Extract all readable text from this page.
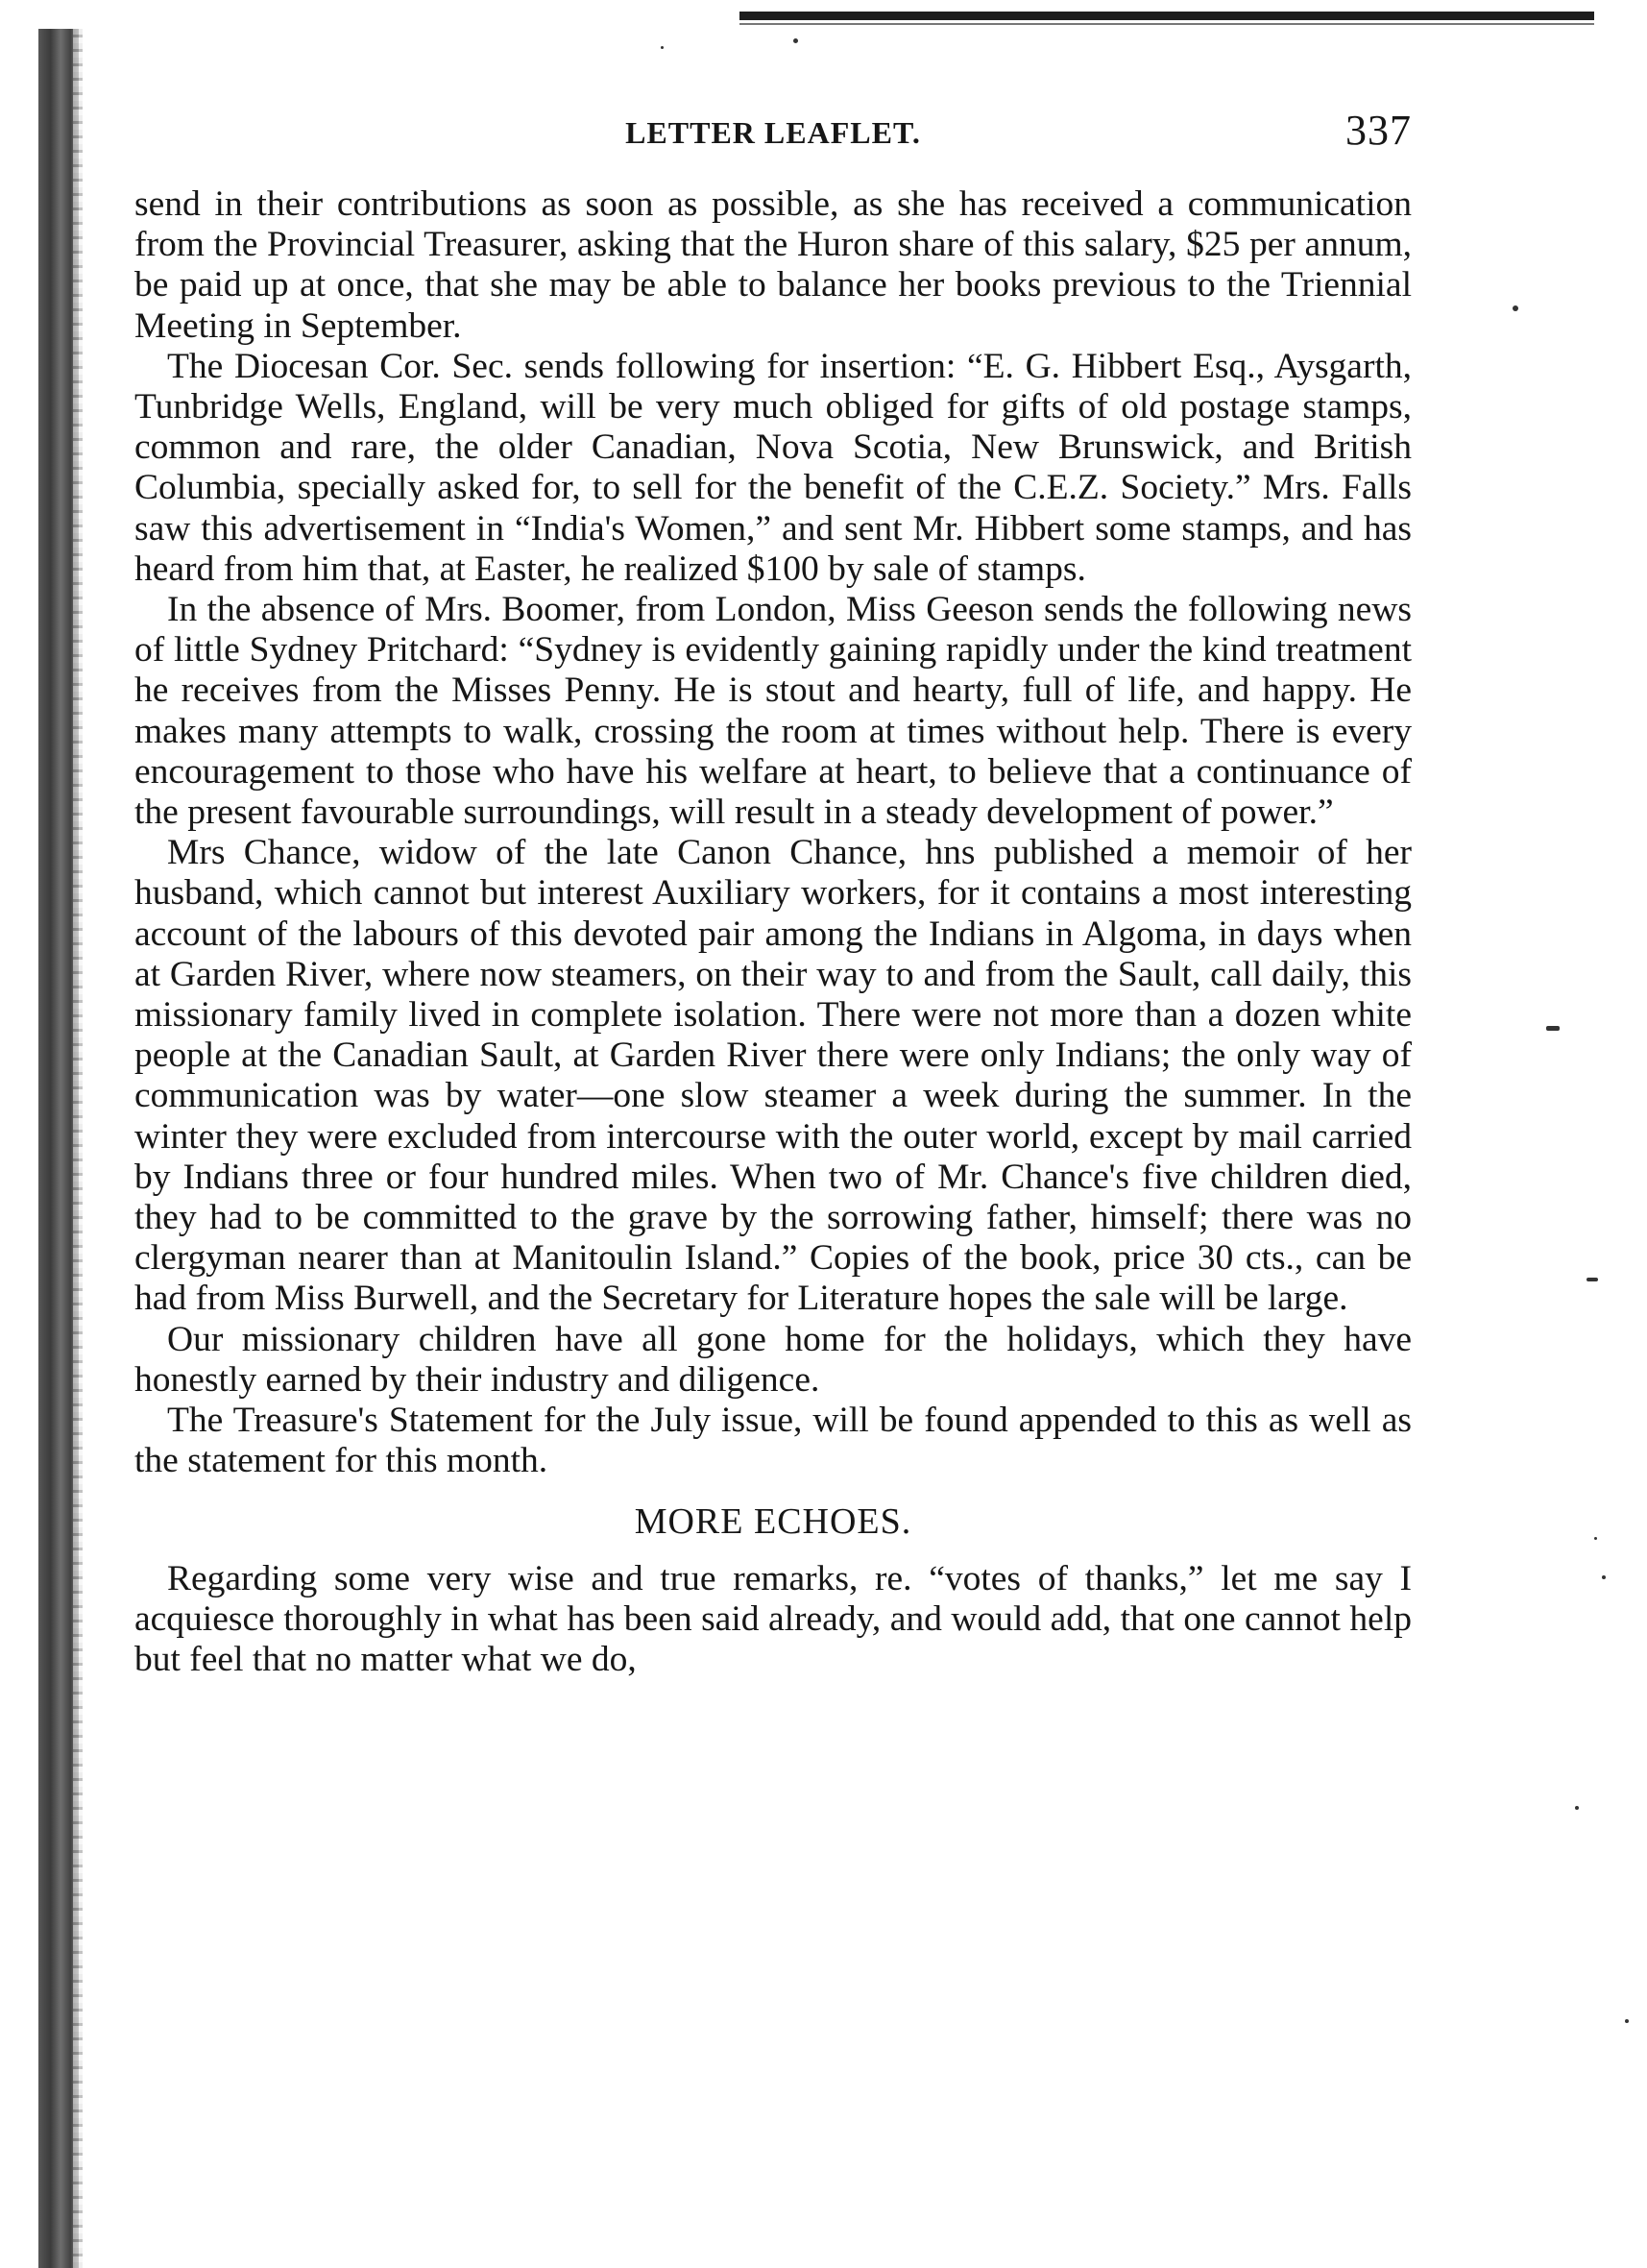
LETTER LEAFLET.	337

send in their contributions as soon as possible, as she has received a communication from the Provincial Treasurer, asking that the Huron share of this salary, $25 per annum, be paid up at once, that she may be able to balance her books previous to the Triennial Meeting in September.

The Diocesan Cor. Sec. sends following for insertion: “E. G. Hibbert Esq., Aysgarth, Tunbridge Wells, England, will be very much obliged for gifts of old postage stamps, common and rare, the older Canadian, Nova Scotia, New Brunswick, and British Columbia, specially asked for, to sell for the benefit of the C.E.Z. Society.” Mrs. Falls saw this advertisement in “India's Women,” and sent Mr. Hibbert some stamps, and has heard from him that, at Easter, he realized $100 by sale of stamps.

In the absence of Mrs. Boomer, from London, Miss Geeson sends the following news of little Sydney Pritchard: “Sydney is evidently gaining rapidly under the kind treatment he receives from the Misses Penny. He is stout and hearty, full of life, and happy. He makes many attempts to walk, crossing the room at times without help. There is every encouragement to those who have his welfare at heart, to believe that a continuance of the present favourable surroundings, will result in a steady development of power.”

Mrs Chance, widow of the late Canon Chance, hns published a memoir of her husband, which cannot but interest Auxiliary workers, for it contains a most interesting account of the labours of this devoted pair among the Indians in Algoma, in days when at Garden River, where now steamers, on their way to and from the Sault, call daily, this missionary family lived in complete isolation. There were not more than a dozen white people at the Canadian Sault, at Garden River there were only Indians; the only way of communication was by water—one slow steamer a week during the summer. In the winter they were excluded from intercourse with the outer world, except by mail carried by Indians three or four hundred miles. When two of Mr. Chance's five children died, they had to be committed to the grave by the sorrowing father, himself; there was no clergyman nearer than at Manitoulin Island.” Copies of the book, price 30 cts., can be had from Miss Burwell, and the Secretary for Literature hopes the sale will be large.

Our missionary children have all gone home for the holidays, which they have honestly earned by their industry and diligence.

The Treasure's Statement for the July issue, will be found appended to this as well as the statement for this month.

MORE ECHOES.

Regarding some very wise and true remarks, re. “votes of thanks,” let me say I acquiesce thoroughly in what has been said already, and would add, that one cannot help but feel that no matter what we do,
